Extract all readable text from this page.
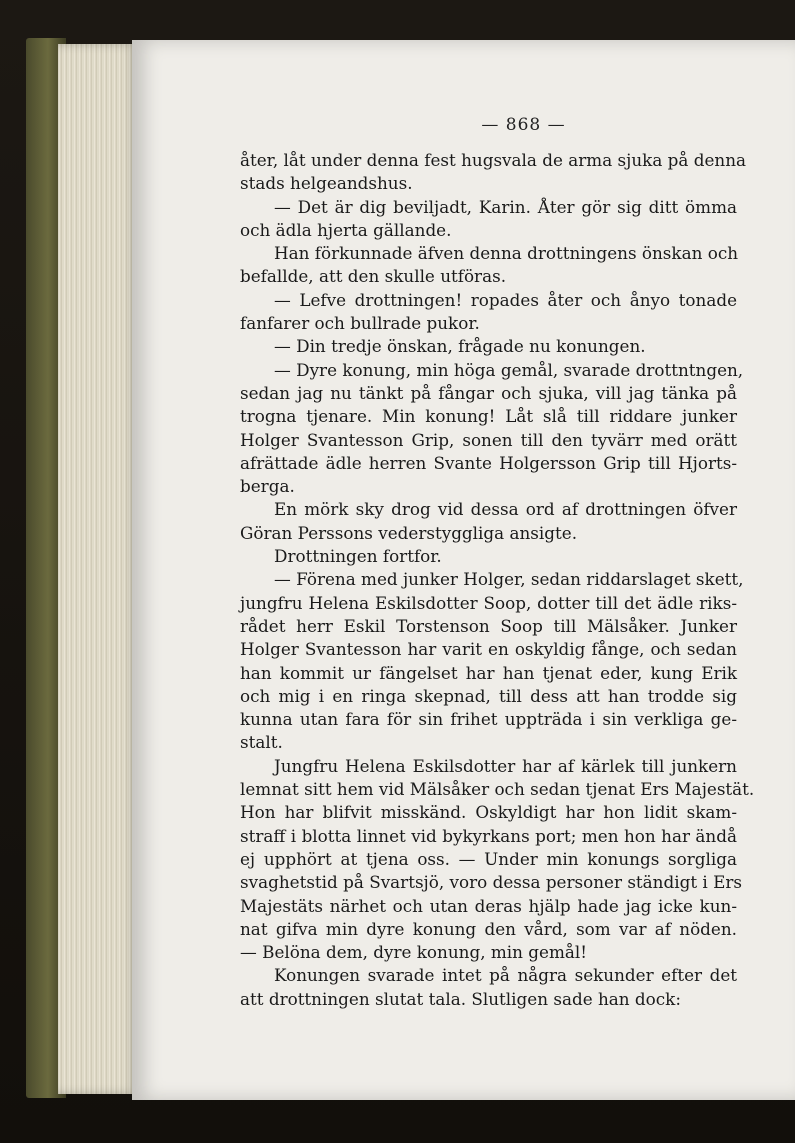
— 868 —
åter, låt under denna fest hugsvala de arma sjuka på denna
stads helgeandshus.
— Det är dig beviljadt, Karin. Åter gör sig ditt ömma
och ädla hjerta gällande.
Han förkunnade äfven denna drottningens önskan och
befallde, att den skulle utföras.
— Lefve drottningen! ropades åter och ånyo tonade
fanfarer och bullrade pukor.
— Din tredje önskan, frågade nu konungen.
— Dyre konung, min höga gemål, svarade drottntngen,
sedan jag nu tänkt på fångar och sjuka, vill jag tänka på
trogna tjenare. Min konung! Låt slå till riddare junker
Holger Svantesson Grip, sonen till den tyvärr med orätt
afrättade ädle herren Svante Holgersson Grip till Hjorts-
berga.
En mörk sky drog vid dessa ord af drottningen öfver
Göran Perssons vederstyggliga ansigte.
Drottningen fortfor.
— Förena med junker Holger, sedan riddarslaget skett,
jungfru Helena Eskilsdotter Soop, dotter till det ädle riks-
rådet herr Eskil Torstenson Soop till Mälsåker. Junker
Holger Svantesson har varit en oskyldig fånge, och sedan
han kommit ur fängelset har han tjenat eder, kung Erik
och mig i en ringa skepnad, till dess att han trodde sig
kunna utan fara för sin frihet uppträda i sin verkliga ge-
stalt.
Jungfru Helena Eskilsdotter har af kärlek till junkern
lemnat sitt hem vid Mälsåker och sedan tjenat Ers Majestät.
Hon har blifvit misskänd. Oskyldigt har hon lidit skam-
straff i blotta linnet vid bykyrkans port; men hon har ändå
ej upphört at tjena oss. — Under min konungs sorgliga
svaghetstid på Svartsjö, voro dessa personer ständigt i Ers
Majestäts närhet och utan deras hjälp hade jag icke kun-
nat gifva min dyre konung den vård, som var af nöden.
— Belöna dem, dyre konung, min gemål!
Konungen svarade intet på några sekunder efter det
att drottningen slutat tala. Slutligen sade han dock:
